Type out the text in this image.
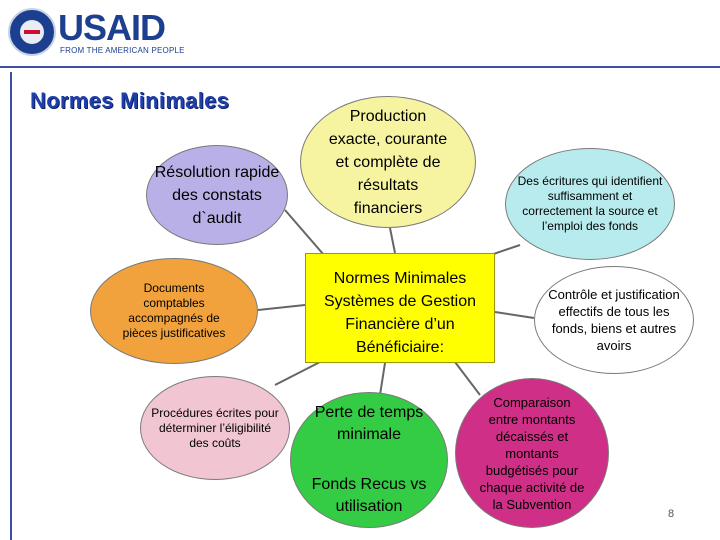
USAID
FROM THE AMERICAN PEOPLE
Normes Minimales
Résolution rapide des constats d`audit
Production exacte, courante et complète de résultats financiers
Des écritures qui identifient suffisamment et correctement la source et l’emploi des fonds
Documents comptables accompagnés de pièces justificatives
Contrôle et justification effectifs de tous les fonds, biens et autres avoirs
Procédures écrites pour déterminer l’éligibilité des coûts
Perte de temps minimale
Fonds Recus vs utilisation
Comparaison entre montants décaissés et montants budgétisés pour chaque activité de la Subvention
Normes Minimales
Systèmes de Gestion Financière d’un Bénéficiaire:
8
